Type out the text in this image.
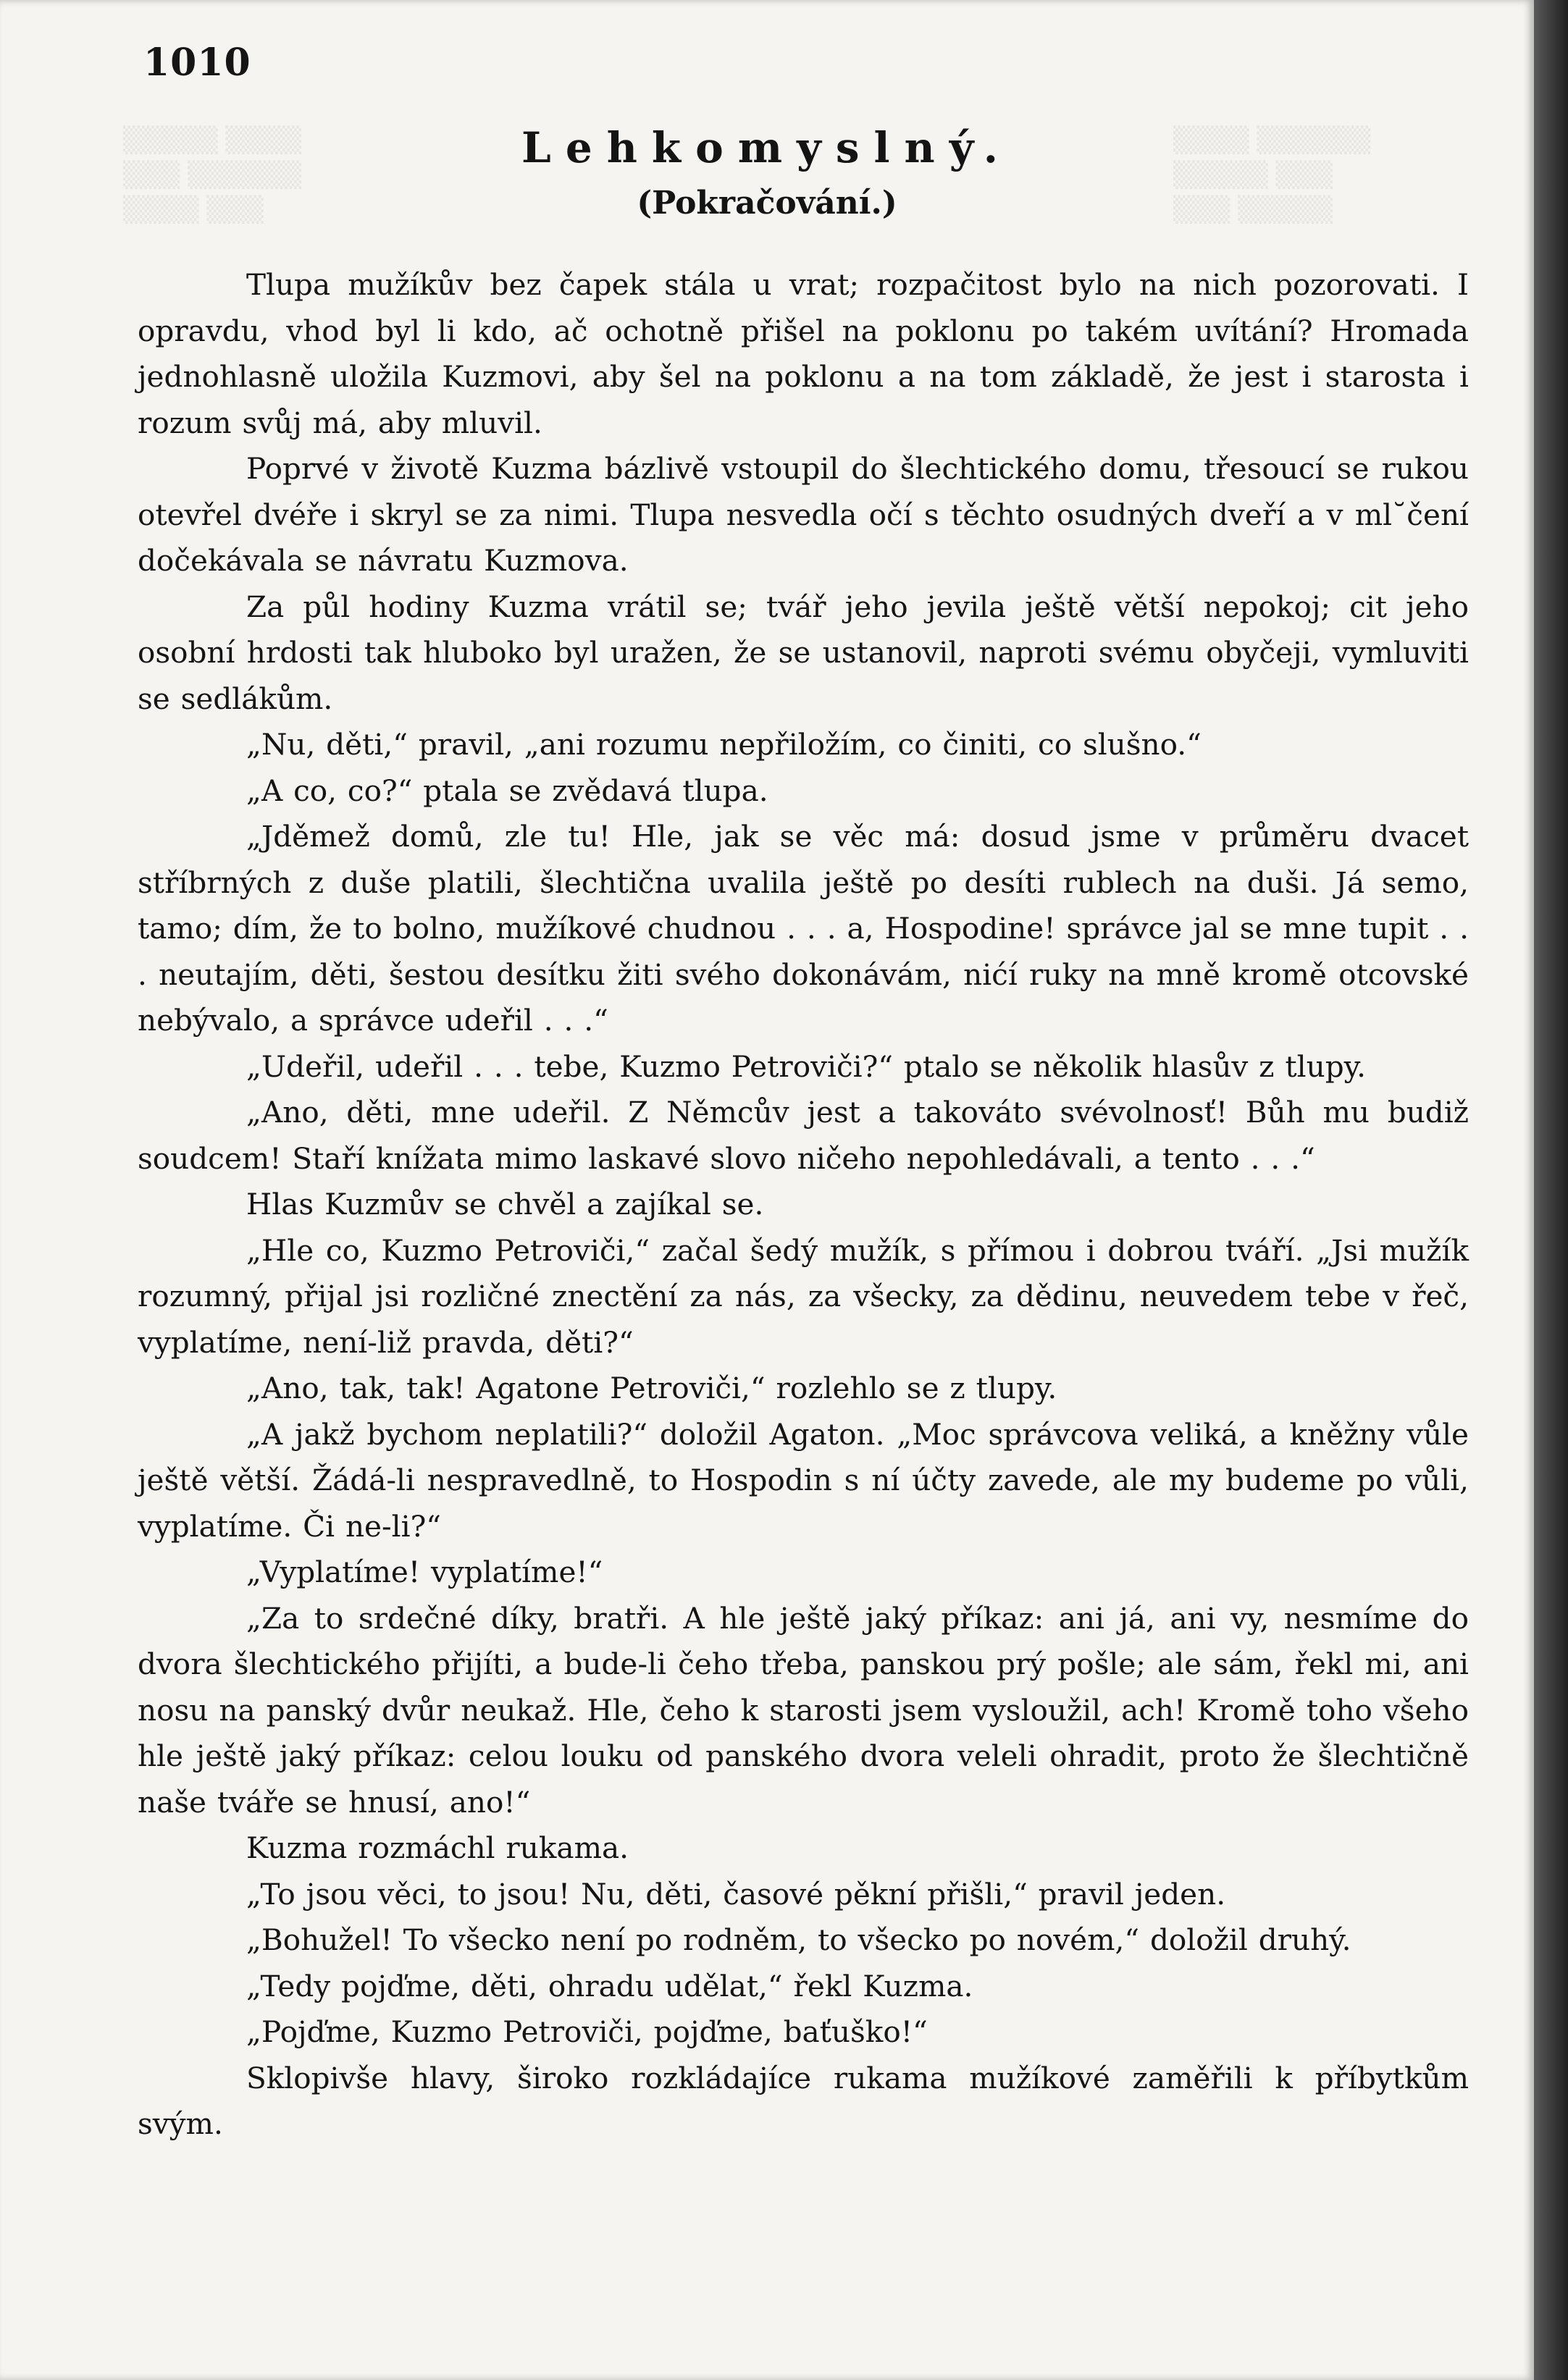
▒▒▒▒▒ ▒▒▒▒
▒▒▒ ▒▒▒▒▒▒
▒▒▒▒ ▒▒▒
▒▒▒▒ ▒▒▒▒▒▒
▒▒▒▒▒ ▒▒▒
▒▒▒ ▒▒▒▒▒
1010
Lehkomyslný.
(Pokračování.)

Tlupa mužíkův bez čapek stála u vrat; rozpačitost bylo na nich pozorovati. I opravdu, vhod byl li kdo, ač ochotně přišel na poklonu po takém uvítání? Hromada jednohlasně uložila Kuzmovi, aby šel na poklonu a na tom základě, že jest i starosta i rozum svůj má, aby mluvil.

Poprvé v životě Kuzma bázlivě vstoupil do šlechtického domu, třesoucí se rukou otevřel dvéře i skryl se za nimi. Tlupa nesvedla očí s těchto osudných dveří a v ml˘čení dočekávala se návratu Kuzmova.

Za půl hodiny Kuzma vrátil se; tvář jeho jevila ještě větší nepokoj; cit jeho osobní hrdosti tak hluboko byl uražen, že se ustanovil, naproti svému obyčeji, vymluviti se sedlákům.

„Nu, děti,“ pravil, „ani rozumu nepřiložím, co činiti, co slušno.“

„A co, co?“ ptala se zvědavá tlupa.

„Jděmež domů, zle tu! Hle, jak se věc má: dosud jsme v průměru dvacet stříbrných z duše platili, šlechtična uvalila ještě po desíti rublech na duši. Já semo, tamo; dím, že to bolno, mužíkové chudnou . . . a, Hospodine! správce jal se mne tupit . . . neutajím, děti, šestou desítku žiti svého dokonávám, nićí ruky na mně kromě otcovské nebývalo, a správce udeřil . . .“

„Udeřil, udeřil . . . tebe, Kuzmo Petroviči?“ ptalo se několik hlasův z tlupy.

„Ano, děti, mne udeřil. Z Němcův jest a takováto svévolnosť! Bůh mu budiž soudcem! Staří knížata mimo laskavé slovo ničeho nepohledávali, a tento . . .“

Hlas Kuzmův se chvěl a zajíkal se.

„Hle co, Kuzmo Petroviči,“ začal šedý mužík, s přímou i dobrou tváří. „Jsi mužík rozumný, přijal jsi rozličné znectění za nás, za všecky, za dědinu, neuvedem tebe v řeč, vyplatíme, není-liž pravda, děti?“

„Ano, tak, tak! Agatone Petroviči,“ rozlehlo se z tlupy.

„A jakž bychom neplatili?“ doložil Agaton. „Moc správcova veliká, a kněžny vůle ještě větší. Žádá-li nespravedlně, to Hospodin s ní účty zavede, ale my budeme po vůli, vyplatíme. Či ne-li?“

„Vyplatíme! vyplatíme!“

„Za to srdečné díky, bratři. A hle ještě jaký příkaz: ani já, ani vy, nesmíme do dvora šlechtického přijíti, a bude-li čeho třeba, panskou prý pošle; ale sám, řekl mi, ani nosu na panský dvůr neukaž. Hle, čeho k starosti jsem vysloužil, ach! Kromě toho všeho hle ještě jaký příkaz: celou louku od panského dvora veleli ohradit, proto že šlechtičně naše tváře se hnusí, ano!“

Kuzma rozmáchl rukama.

„To jsou věci, to jsou! Nu, děti, časové pěkní přišli,“ pravil jeden.

„Bohužel! To všecko není po rodněm, to všecko po novém,“ doložil druhý.

„Tedy pojďme, děti, ohradu udělat,“ řekl Kuzma.

„Pojďme, Kuzmo Petroviči, pojďme, baťuško!“

Sklopivše hlavy, široko rozkládajíce rukama mužíkové zaměřili k příbytkům svým.
